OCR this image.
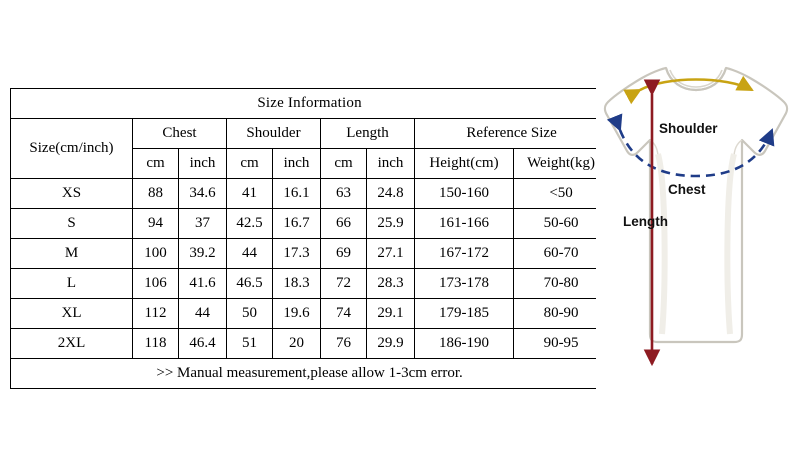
Size Information								
Size(cm/inch)	Chest		Shoulder		Length		Reference Size	
	cm	inch	cm	inch	cm	inch	Height(cm)	Weight(kg)
XS	88	34.6	41	16.1	63	24.8	150-160	<50
S	94	37	42.5	16.7	66	25.9	161-166	50-60
M	100	39.2	44	17.3	69	27.1	167-172	60-70
L	106	41.6	46.5	18.3	72	28.3	173-178	70-80
XL	112	44	50	19.6	74	29.1	179-185	80-90
2XL	118	46.4	51	20	76	29.9	186-190	90-95
>> Manual measurement,please allow 1-3cm error.								
Shoulder
Chest
Length
